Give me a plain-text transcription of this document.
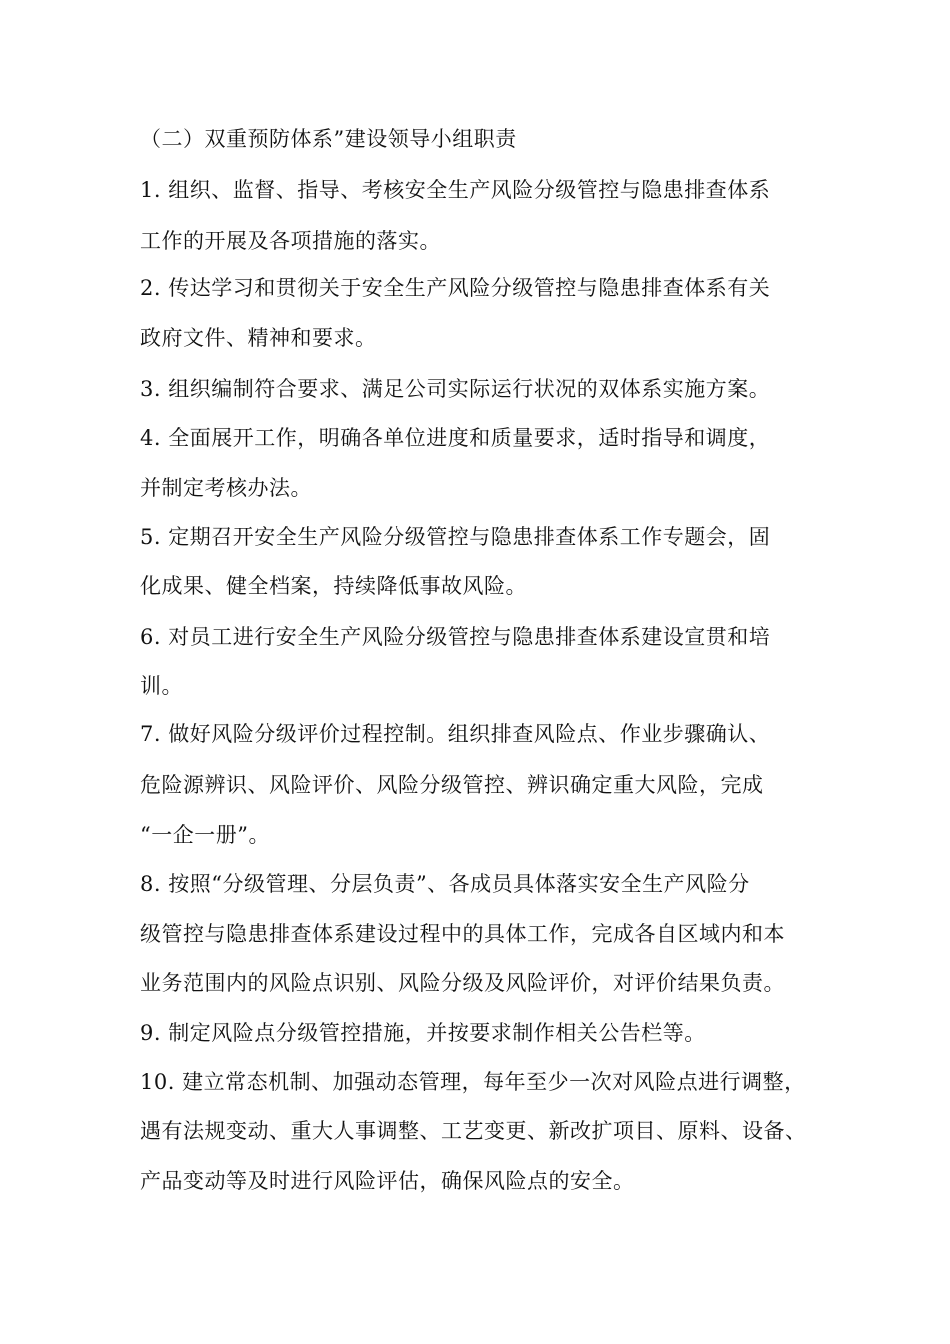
（二）双重预防体系”建设领导小组职责
1. 组织、监督、指导、考核安全生产风险分级管控与隐患排查体系
工作的开展及各项措施的落实。
2. 传达学习和贯彻关于安全生产风险分级管控与隐患排查体系有关
政府文件、精神和要求。
3. 组织编制符合要求、满足公司实际运行状况的双体系实施方案。
4. 全面展开工作，明确各单位进度和质量要求，适时指导和调度，
并制定考核办法。
5. 定期召开安全生产风险分级管控与隐患排查体系工作专题会，固
化成果、健全档案，持续降低事故风险。
6. 对员工进行安全生产风险分级管控与隐患排查体系建设宣贯和培
训。
7. 做好风险分级评价过程控制。组织排查风险点、作业步骤确认、
危险源辨识、风险评价、风险分级管控、辨识确定重大风险，完成
“一企一册”。
8. 按照“分级管理、分层负责”、各成员具体落实安全生产风险分
级管控与隐患排查体系建设过程中的具体工作，完成各自区域内和本
业务范围内的风险点识别、风险分级及风险评价，对评价结果负责。
9. 制定风险点分级管控措施，并按要求制作相关公告栏等。
10. 建立常态机制、加强动态管理，每年至少一次对风险点进行调整，
遇有法规变动、重大人事调整、工艺变更、新改扩项目、原料、设备、
产品变动等及时进行风险评估，确保风险点的安全。
